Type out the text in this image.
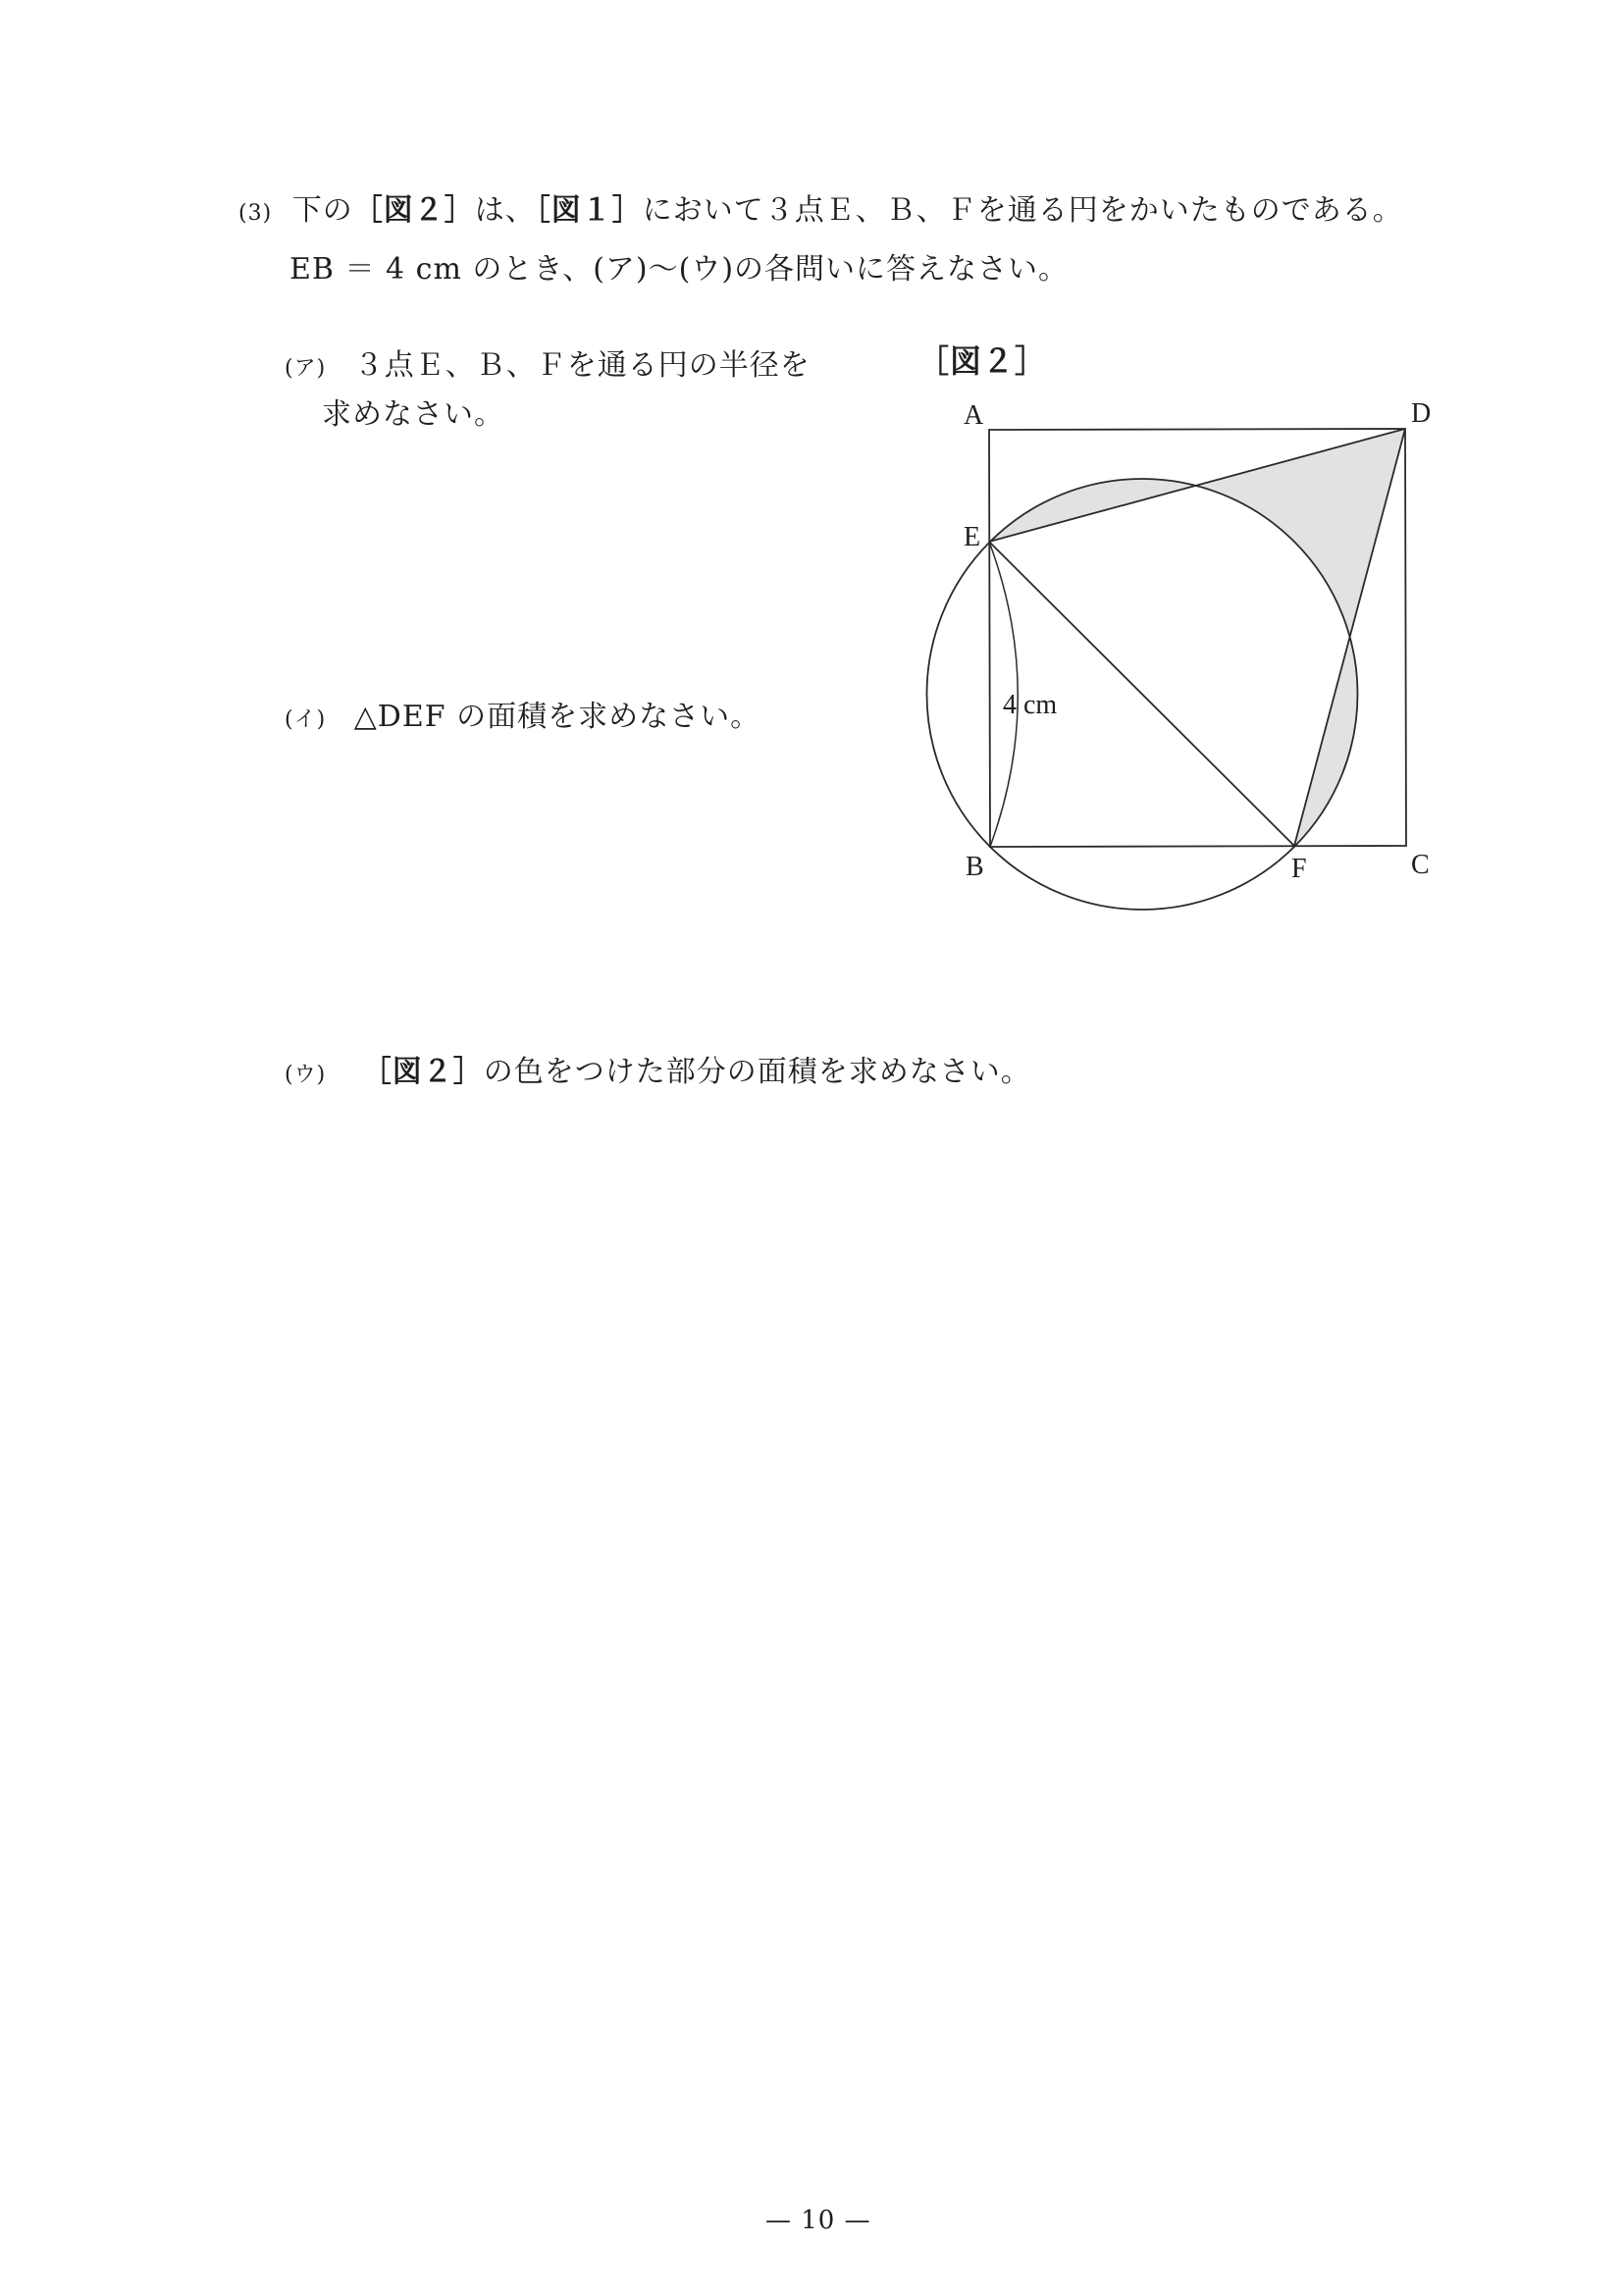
(3) 下の［図２］は、［図１］において３点Ｅ、Ｂ、Ｆを通る円をかいたものである。
EB ＝ 4 cm のとき、(ア)〜(ウ)の各問いに答えなさい。
(ア) ３点Ｅ、Ｂ、Ｆを通る円の半径を
求めなさい。
(イ) △DEF の面積を求めなさい。
(ウ) ［図２］の色をつけた部分の面積を求めなさい。
［図２］
A	D
E
B	F	C
4 cm
— 10 —
